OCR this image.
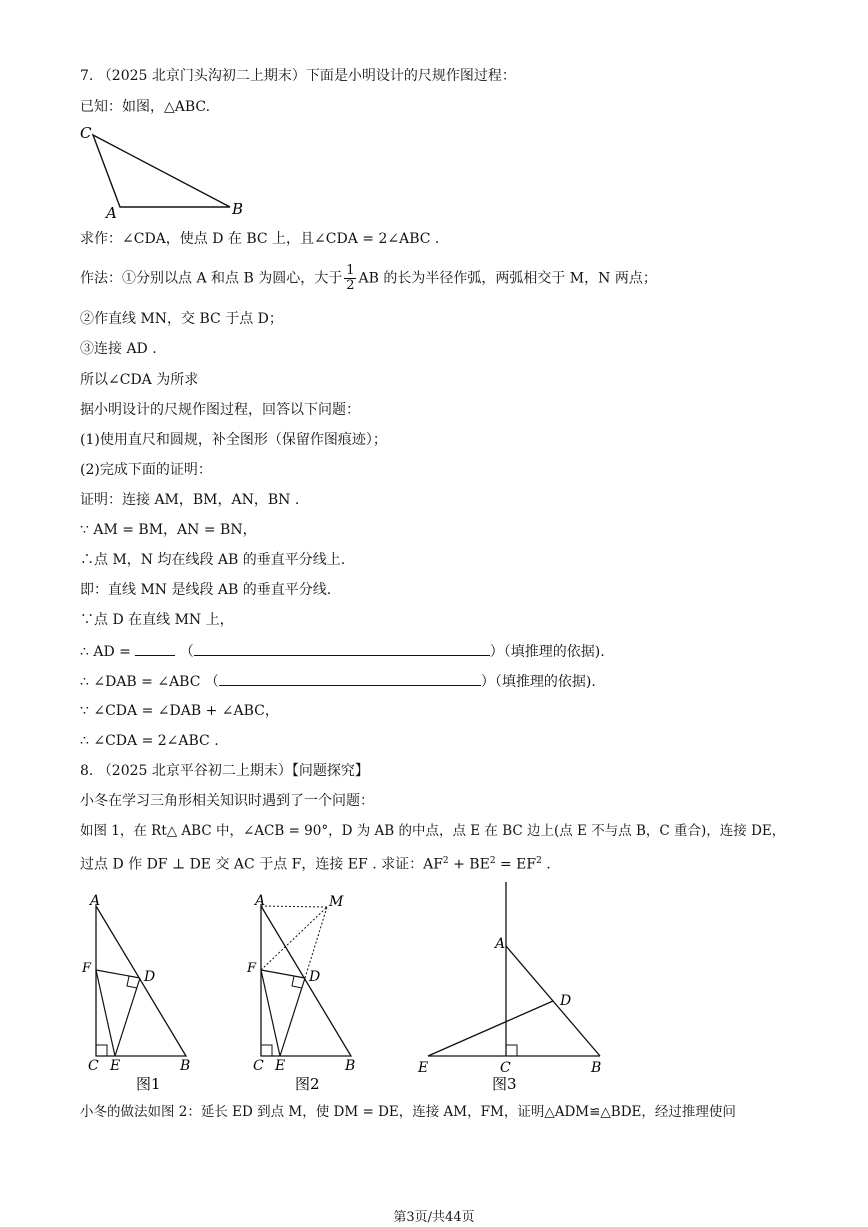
7. （2025 北京门头沟初二上期末）下面是小明设计的尺规作图过程：
已知：如图，△ABC.
C
A	B
求作：∠CDA，使点 D 在 BC 上，且∠CDA = 2∠ABC .
作法：①分别以点 A 和点 B 为圆心，大于 $\frac{1}{2}$ AB 的长为半径作弧，两弧相交于 M，N 两点；
②作直线 MN，交 BC 于点 D；
③连接 AD .
所以∠CDA 为所求
据小明设计的尺规作图过程，回答以下问题：
(1)使用直尺和圆规，补全图形（保留作图痕迹）；
(2)完成下面的证明：
证明：连接 AM，BM，AN，BN .
∵ AM = BM，AN = BN，
∴点 M，N 均在线段 AB 的垂直平分线上.
即：直线 MN 是线段 AB 的垂直平分线.
∵点 D 在直线 MN 上，
∴ AD =	（	）（填推理的依据).
∴ ∠DAB = ∠ABC （	）（填推理的依据).
∵ ∠CDA = ∠DAB + ∠ABC，
∴ ∠CDA = 2∠ABC .
8. （2025 北京平谷初二上期末）【问题探究】
小冬在学习三角形相关知识时遇到了一个问题：
如图 1，在 Rt△ ABC 中，∠ACB = 90°，D 为 AB 的中点，点 E 在 BC 边上(点 E 不与点 B，C 重合)，连接 DE，
过点 D 作 DF ⊥ DE 交 AC 于点 F，连接 EF . 求证：$AF^2 + BE^2 = EF^2$ .
A
F
D
C E	B
图1
A	M
F
D
C E	B
图2
A
D
E	C	B
图3
小冬的做法如图 2：延长 ED 到点 M，使 DM = DE，连接 AM，FM，证明△ADM≌△BDE，经过推理使问
第3页/共44页
